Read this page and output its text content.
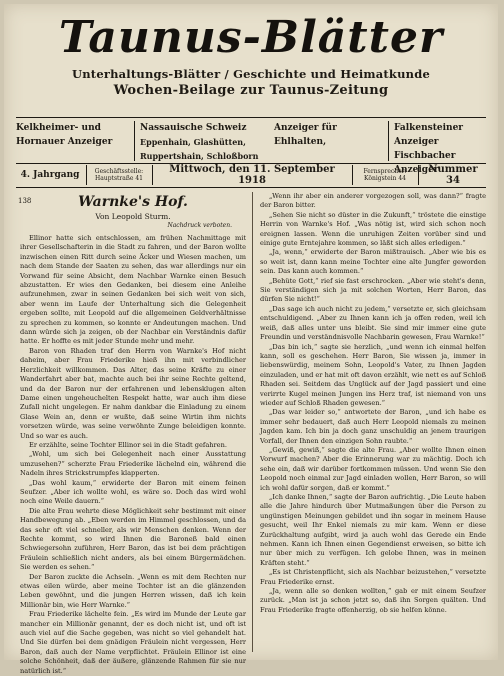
Taunus-Blätter
Unterhaltungs-Blätter / Geschichte und Heimatkunde
Wochen-Beilage zur Taunus-Zeitung
Kelkheimer- und
Hornauer Anzeiger
Nassauische Schweiz
Eppenhain, Glashütten, Ruppertshain, Schloßborn
Anzeiger für Ehlhalten,
Falkensteiner Anzeiger
Fischbacher Anzeiger
4. Jahrgang	Geschäftsstelle:
Hauptstraße 41
Mittwoch, den 11. September 1918
Fernsprecher:
Königstein 44
Nummer 34
138	Warnke's Hof.
Von Leopold Sturm.
Nachdruck verboten.

Ellinor hatte sich entschlossen, am frühen Nachmittage mit ihrer Gesellschafterin in die Stadt zu fahren, und der Baron wollte inzwischen einen Ritt durch seine Äcker und Wiesen machen, um nach dem Stande der Saaten zu sehen, das war allerdings nur ein Vorwand für seine Absicht, dem Nachbar Warnke einen Besuch abzustatten. Er wies den Gedanken, bei diesem eine Anleihe aufzunehmen, zwar in seinen Gedanken bei sich weit von sich, aber wenn im Laufe der Unterhaltung sich die Gelegenheit ergeben sollte, mit Leopold auf die allgemeinen Geldverhältnisse zu sprechen zu kommen, so konnte er Andeutungen machen. Und dann würde sich ja zeigen, ob der Nachbar ein Verständnis dafür hatte. Er hoffte es mit jeder Stunde mehr und mehr.

Baron von Rhaden traf den Herrn von Warnke's Hof nicht daheim, aber Frau Friederike hieß ihn mit verbindlicher Herzlichkeit willkommen. Das Alter, das seine Kräfte zu einer Wanderfahrt aber bat, machte auch bei ihr seine Rechte geltend, und da der Baron nur der erfahrenen und lebensklugen alten Dame einen ungeheuchelten Respekt hatte, war auch ihm diese Zufall nicht ungelegen. Er nahm dankbar die Einladung zu einem Glase Wein an, denn er wußte, daß seine Wirtin ihm nichts vorsetzen würde, was seine verwöhnte Zunge beleidigen konnte. Und so war es auch.

Er erzählte, seine Tochter Ellinor sei in die Stadt gefahren.

„Wohl, um sich bei Gelegenheit nach einer Ausstattung umzusehen?“ scherzte Frau Friederike lächelnd ein, während die Nadeln ihres Strickstrumpfes klapperten.

„Das wohl kaum,“ erwiderte der Baron mit einem feinen Seufzer. „Aber ich wollte wohl, es wäre so. Doch das wird wohl noch eine Weile dauern.“

Die alte Frau wehrte diese Möglichkeit sehr bestimmt mit einer Handbewegung ab. „Eben werden im Himmel geschlossen, und da das sehr oft viel schneller, als wir Menschen denken. Wenn der Rechte kommt, so wird Ihnen die Baroneß bald einen Schwiegersohn zuführen, Herr Baron, das ist bei dem prächtigen Fräulein schließlich nicht anders, als bei einem Bürgermädchen. Sie werden es sehen.“

Der Baron zuckte die Achseln. „Wenn es mit dem Rechten nur etwas eilen würde, aber meine Tochter ist an die glänzenden Leben gewöhnt, und die jungen Herren wissen, daß ich kein Millionär bin, wie Herr Warnke.“

Frau Friederike lächelte fein. „Es wird im Munde der Leute gar mancher ein Millionär genannt, der es doch nicht ist, und oft ist auch viel auf die Sache gegeben, was nicht so viel gehandelt hat. Und Sie dürfen bei dem gnädigen Fräulein nicht vergessen, Herr Baron, daß auch der Name verpflichtet. Fräulein Ellinor ist eine solche Schönheit, daß der äußere, glänzende Rahmen für sie nur natürlich ist.“

„Wenn ihr aber ein anderer vorgezogen soll, was dann?“ fragte der Baron bitter.

„Sehen Sie nicht so düster in die Zukunft,“ tröstete die einstige Herrin von Warnke's Hof. „Was nötig ist, wird sich schon noch ereignen lassen. Wenn die unruhigen Zeiten vorüber sind und einige gute Erntejahre kommen, so läßt sich alles erledigen.“

„Ja, wenn,“ erwiderte der Baron mißtrauisch. „Aber wie bis es so weit ist, dann kann meine Tochter eine alte Jungfer geworden sein. Das kann auch kommen.“

„Behüte Gott,“ rief sie fast erschrocken. „Aber wie steht's denn, Sie verständigen sich ja mit solchen Worten, Herr Baron, das dürfen Sie nicht!“

„Das sage ich auch nicht zu jedem,“ versetzte er, sich gleichsam entschuldigend. „Aber zu Ihnen kann ich ja offen reden, weil ich weiß, daß alles unter uns bleibt. Sie sind mir immer eine gute Freundin und verständnisvolle Nachbarin gewesen, Frau Warnke!“

„Das bin ich,“ sagte sie herzlich, „und wenn ich einmal helfen kann, soll es geschehen. Herr Baron, Sie wissen ja, immer in liebenswürdig, meinem Sohn, Leopold's Vater, zu Ihnen Jagden einzuladen, und er hat mit oft davon erzählt, wie nett es auf Schloß Rhaden sei. Seitdem das Unglück auf der Jagd passiert und eine verirrte Kugel meinen Jungen ins Herz traf, ist niemand von uns wieder auf Schloß Rhaden gewesen.“

„Das war leider so,“ antwortete der Baron, „und ich habe es immer sehr bedauert, daß auch Herr Leopold niemals zu meinen Jagden kam. Ich bin ja doch ganz unschuldig an jenem traurigen Vorfall, der Ihnen den einzigen Sohn raubte.“

„Gewiß, gewiß,“ sagte die alte Frau. „Aber wollte Ihnen einen Vorwurf machen? Aber die Erinnerung war zu mächtig. Doch ich sehe ein, daß wir darüber fortkommen müssen. Und wenn Sie den Leopold noch einmal zur Jagd einladen wollen, Herr Baron, so will ich wohl dafür sorgen, daß er kommt.“

„Ich danke Ihnen,“ sagte der Baron aufrichtig. „Die Leute haben alle die Jahre hindurch über Mutmaßungen über die Person zu ungünstigen Meinungen gebildet und ihn sogar in meinem Hause gesucht, weil Ihr Enkel niemals zu mir kam. Wenn er diese Zurückhaltung aufgibt, wird ja auch wohl das Gerede ein Ende nehmen. Kann ich Ihnen einen Gegendienst erweisen, so bitte ich nur über mich zu verfügen. Ich gelobe Ihnen, was in meinen Kräften steht.“

„Es ist Christenpflicht, sich als Nachbar beizustehen,“ versetzte Frau Friederike ernst.

„Ja, wenn alle so denken wollten,“ gab er mit einem Seufzer zurück. „Man ist ja schon jetzt so, daß ihn Sorgen quälten. Und Frau Friederike fragte offenherzig, ob sie helfen könne.
